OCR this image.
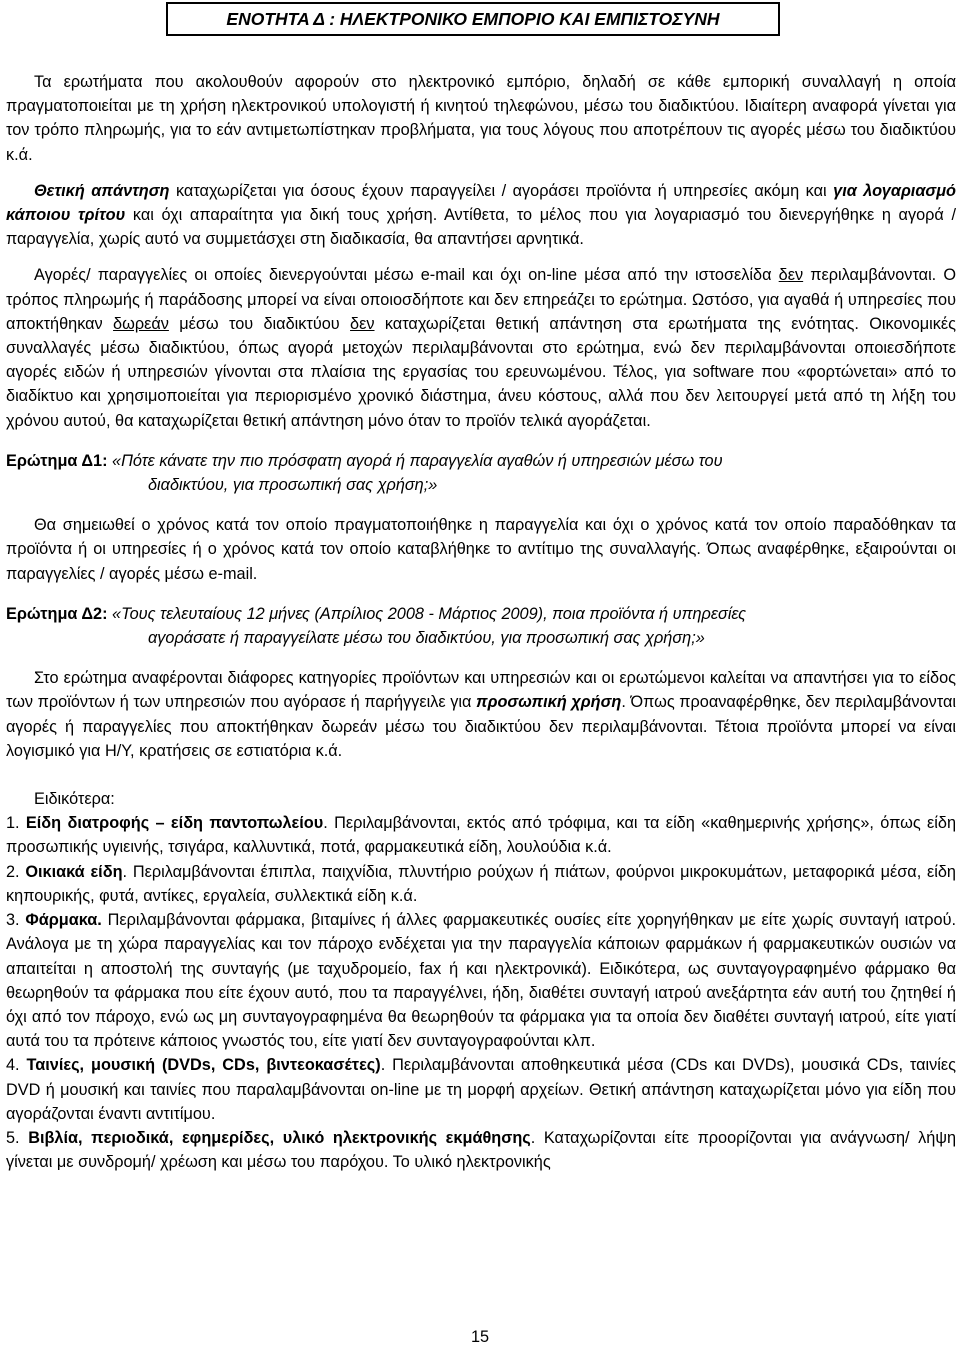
ΕΝΟΤΗΤΑ Δ : ΗΛΕΚΤΡΟΝΙΚΟ ΕΜΠΟΡΙΟ ΚΑΙ ΕΜΠΙΣΤΟΣΥΝΗ

Τα ερωτήματα που ακολουθούν αφορούν στο ηλεκτρονικό εμπόριο, δηλαδή σε κάθε εμπορική συναλλαγή η οποία πραγματοποιείται με τη χρήση ηλεκτρονικού υπολογιστή ή κινητού τηλεφώνου, μέσω του διαδικτύου. Ιδιαίτερη αναφορά γίνεται για τον τρόπο πληρωμής, για το εάν αντιμετωπίστηκαν προβλήματα, για τους λόγους που αποτρέπουν τις αγορές μέσω του διαδικτύου κ.ά.

Θετική απάντηση καταχωρίζεται για όσους έχουν παραγγείλει / αγοράσει προϊόντα ή υπηρεσίες ακόμη και για λογαριασμό κάποιου τρίτου και όχι απαραίτητα για δική τους χρήση. Αντίθετα, το μέλος που για λογαριασμό του διενεργήθηκε η αγορά / παραγγελία, χωρίς αυτό να συμμετάσχει στη διαδικασία, θα απαντήσει αρνητικά.

Αγορές/ παραγγελίες οι οποίες διενεργούνται μέσω e-mail και όχι on-line μέσα από την ιστοσελίδα δεν περιλαμβάνονται. Ο τρόπος πληρωμής ή παράδοσης μπορεί να είναι οποιοσδήποτε και δεν επηρεάζει το ερώτημα. Ωστόσο, για αγαθά ή υπηρεσίες που αποκτήθηκαν δωρεάν μέσω του διαδικτύου δεν καταχωρίζεται θετική απάντηση στα ερωτήματα της ενότητας. Οικονομικές συναλλαγές μέσω διαδικτύου, όπως αγορά μετοχών περιλαμβάνονται στο ερώτημα, ενώ δεν περιλαμβάνονται οποιεσδήποτε αγορές ειδών ή υπηρεσιών γίνονται στα πλαίσια της εργασίας του ερευνωμένου. Τέλος, για software που «φορτώνεται» από το διαδίκτυο και χρησιμοποιείται για περιορισμένο χρονικό διάστημα, άνευ κόστους, αλλά που δεν λειτουργεί μετά από τη λήξη του χρόνου αυτού, θα καταχωρίζεται θετική απάντηση μόνο όταν το προϊόν τελικά αγοράζεται.

Ερώτημα Δ1: «Πότε κάνατε την πιο πρόσφατη αγορά ή παραγγελία αγαθών ή υπηρεσιών μέσω του
διαδικτύου, για προσωπική σας χρήση;»

Θα σημειωθεί ο χρόνος κατά τον οποίο πραγματοποιήθηκε η παραγγελία και όχι ο χρόνος κατά τον οποίο παραδόθηκαν τα προϊόντα ή οι υπηρεσίες ή ο χρόνος κατά τον οποίο καταβλήθηκε το αντίτιμο της συναλλαγής. Όπως αναφέρθηκε, εξαιρούνται οι παραγγελίες / αγορές μέσω e-mail.

Ερώτημα Δ2: «Τους τελευταίους 12 μήνες (Απρίλιος 2008 - Μάρτιος 2009), ποια προϊόντα ή υπηρεσίες
αγοράσατε ή παραγγείλατε μέσω του διαδικτύου, για προσωπική σας χρήση;»

Στο ερώτημα αναφέρονται διάφορες κατηγορίες προϊόντων και υπηρεσιών και οι ερωτώμενοι καλείται να απαντήσει για το είδος των προϊόντων ή των υπηρεσιών που αγόρασε ή παρήγγειλε για προσωπική χρήση. Όπως προαναφέρθηκε, δεν περιλαμβάνονται αγορές ή παραγγελίες που αποκτήθηκαν δωρεάν μέσω του διαδικτύου δεν περιλαμβάνονται. Τέτοια προϊόντα μπορεί να είναι λογισμικό για Η/Υ, κρατήσεις σε εστιατόρια κ.ά.

Ειδικότερα:

1. Είδη διατροφής – είδη παντοπωλείου. Περιλαμβάνονται, εκτός από τρόφιμα, και τα είδη «καθημερινής χρήσης», όπως είδη προσωπικής υγιεινής, τσιγάρα, καλλυντικά, ποτά, φαρμακευτικά είδη, λουλούδια κ.ά.

2. Οικιακά είδη. Περιλαμβάνονται έπιπλα, παιχνίδια, πλυντήριο ρούχων ή πιάτων, φούρνοι μικροκυμάτων, μεταφορικά μέσα, είδη κηπουρικής, φυτά, αντίκες, εργαλεία, συλλεκτικά είδη κ.ά.

3. Φάρμακα. Περιλαμβάνονται φάρμακα, βιταμίνες ή άλλες φαρμακευτικές ουσίες είτε χορηγήθηκαν με είτε χωρίς συνταγή ιατρού. Ανάλογα με τη χώρα παραγγελίας και τον πάροχο ενδέχεται για την παραγγελία κάποιων φαρμάκων ή φαρμακευτικών ουσιών να απαιτείται η αποστολή της συνταγής (με ταχυδρομείο, fax ή και ηλεκτρονικά). Ειδικότερα, ως συνταγογραφημένο φάρμακο θα θεωρηθούν τα φάρμακα που είτε έχουν αυτό, που τα παραγγέλνει, ήδη, διαθέτει συνταγή ιατρού ανεξάρτητα εάν αυτή του ζητηθεί ή όχι από τον πάροχο, ενώ ως μη συνταγογραφημένα θα θεωρηθούν τα φάρμακα για τα οποία δεν διαθέτει συνταγή ιατρού, είτε γιατί αυτά του τα πρότεινε κάποιος γνωστός του, είτε γιατί δεν συνταγογραφούνται κλπ.

4. Ταινίες, μουσική (DVDs, CDs, βιντεοκασέτες). Περιλαμβάνονται αποθηκευτικά μέσα (CDs και DVDs), μουσικά CDs, ταινίες DVD ή μουσική και ταινίες που παραλαμβάνονται on-line με τη μορφή αρχείων. Θετική απάντηση καταχωρίζεται μόνο για είδη που αγοράζονται έναντι αντιτίμου.

5. Βιβλία, περιοδικά, εφημερίδες, υλικό ηλεκτρονικής εκμάθησης. Καταχωρίζονται είτε προορίζονται για ανάγνωση/ λήψη γίνεται με συνδρομή/ χρέωση και μέσω του παρόχου. Το υλικό ηλεκτρονικής

15
